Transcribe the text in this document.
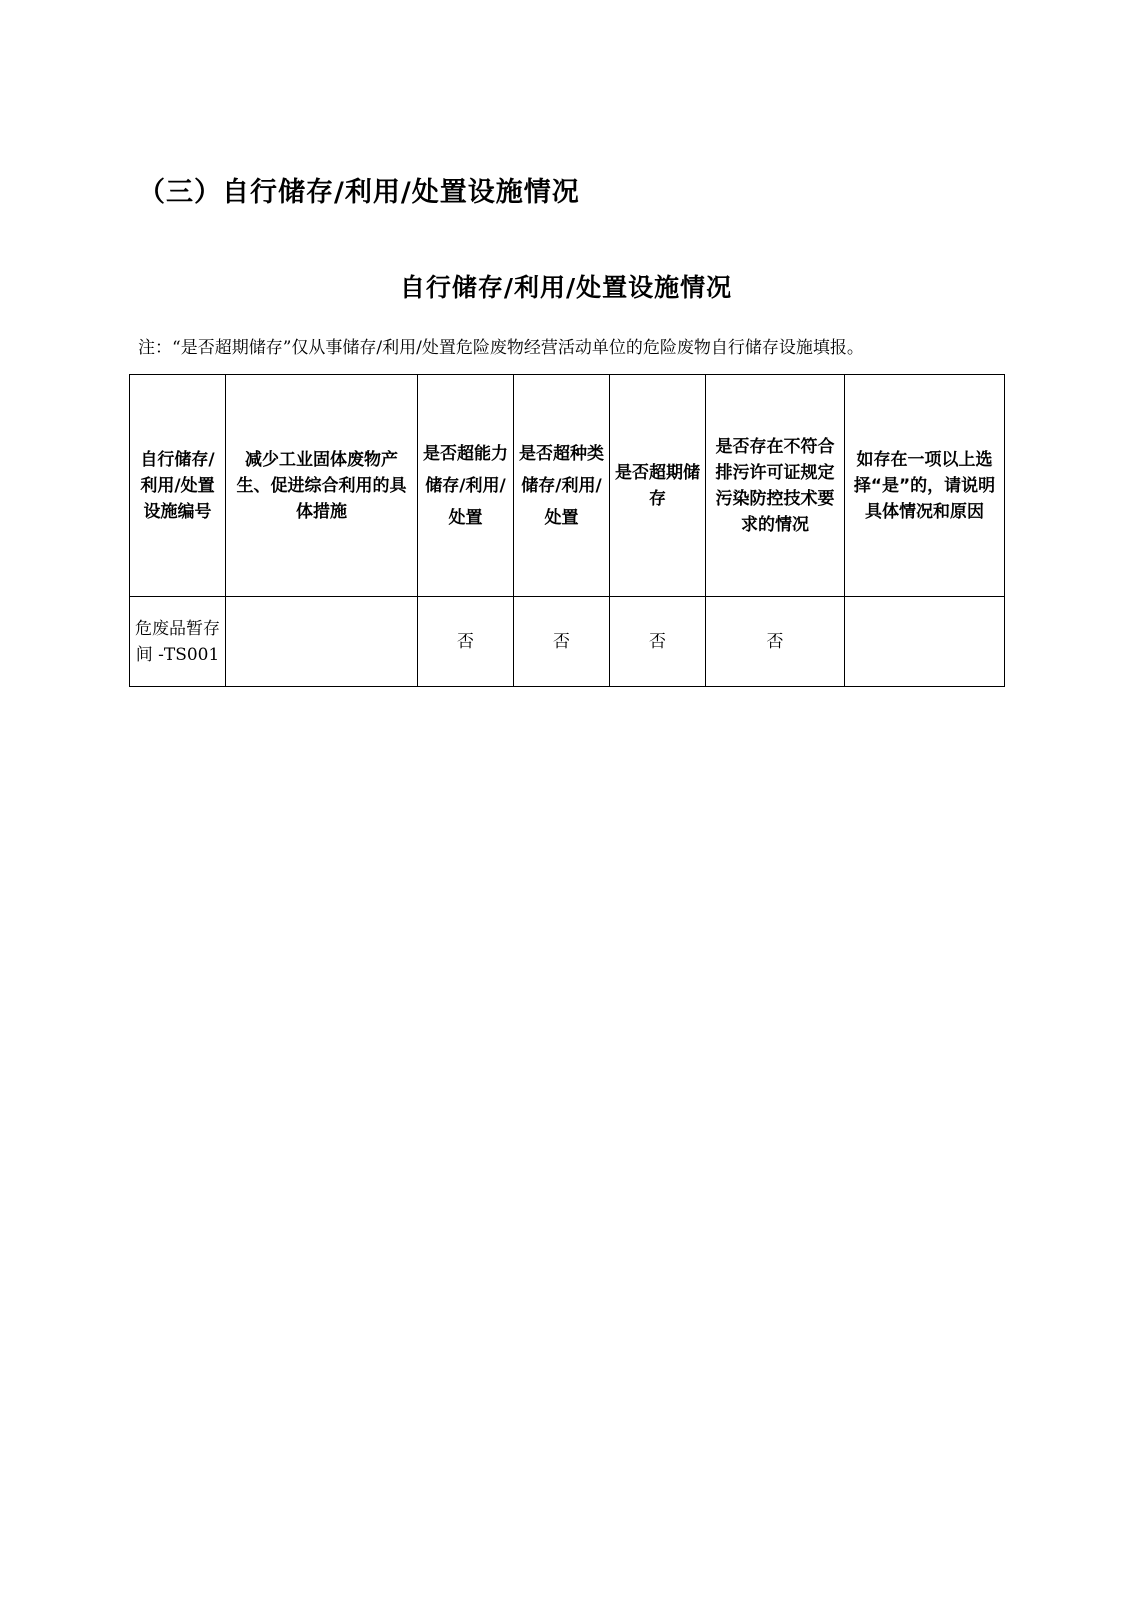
（三）自行储存/利用/处置设施情况
自行储存/利用/处置设施情况
注：“是否超期储存”仅从事储存/利用/处置危险废物经营活动单位的危险废物自行储存设施填报。
自行储存/利用/处置设施编号	减少工业固体废物产生、促进综合利用的具体措施	是否超能力储存/利用/处置	是否超种类储存/利用/处置	是否超期储存	是否存在不符合排污许可证规定污染防控技术要求的情况	如存在一项以上选择“是”的，请说明具体情况和原因
危废品暂存间 -TS001		否	否	否	否	
